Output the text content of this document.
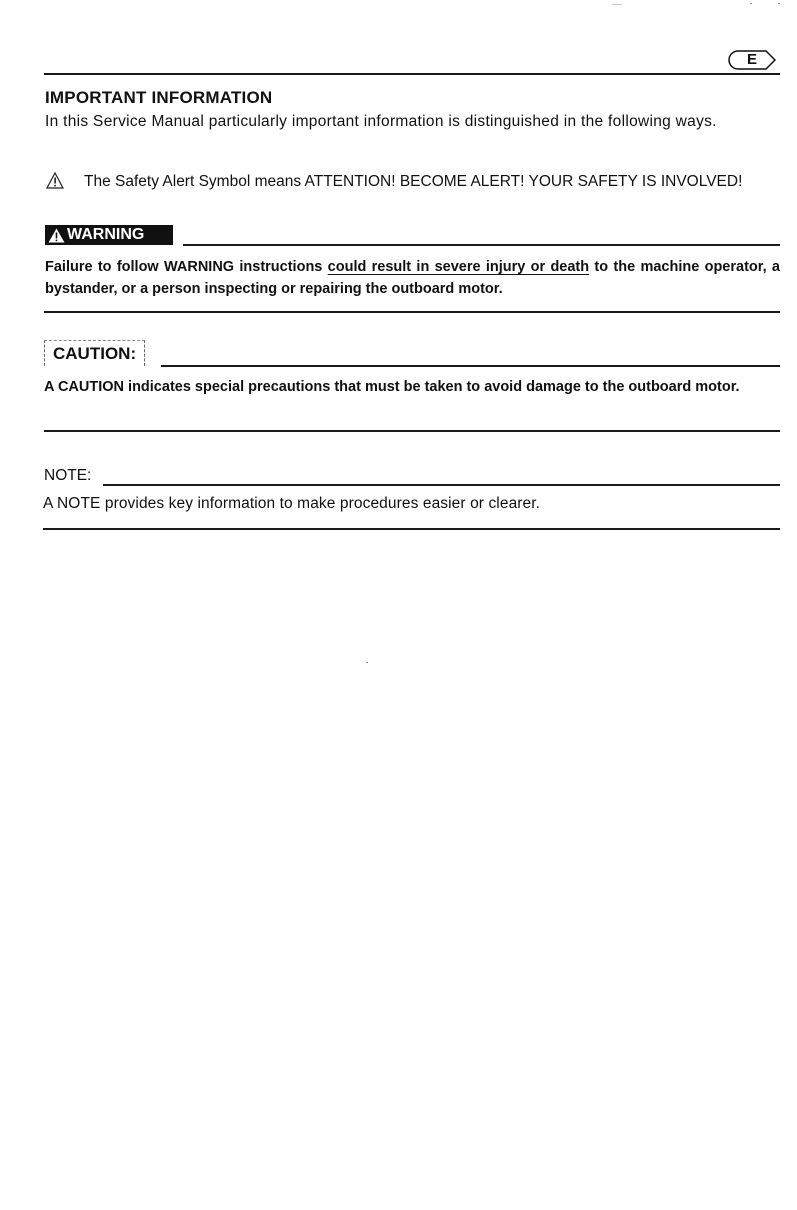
E
IMPORTANT INFORMATION
In this Service Manual particularly important information is distinguished in the following ways.
The Safety Alert Symbol means ATTENTION! BECOME ALERT! YOUR SAFETY IS INVOLVED!
WARNING
Failure to follow WARNING instructions could result in severe injury or death to the machine operator, a bystander, or a person inspecting or repairing the outboard motor.
CAUTION:
A CAUTION indicates special precautions that must be taken to avoid damage to the outboard motor.
NOTE:
A NOTE provides key information to make procedures easier or clearer.
